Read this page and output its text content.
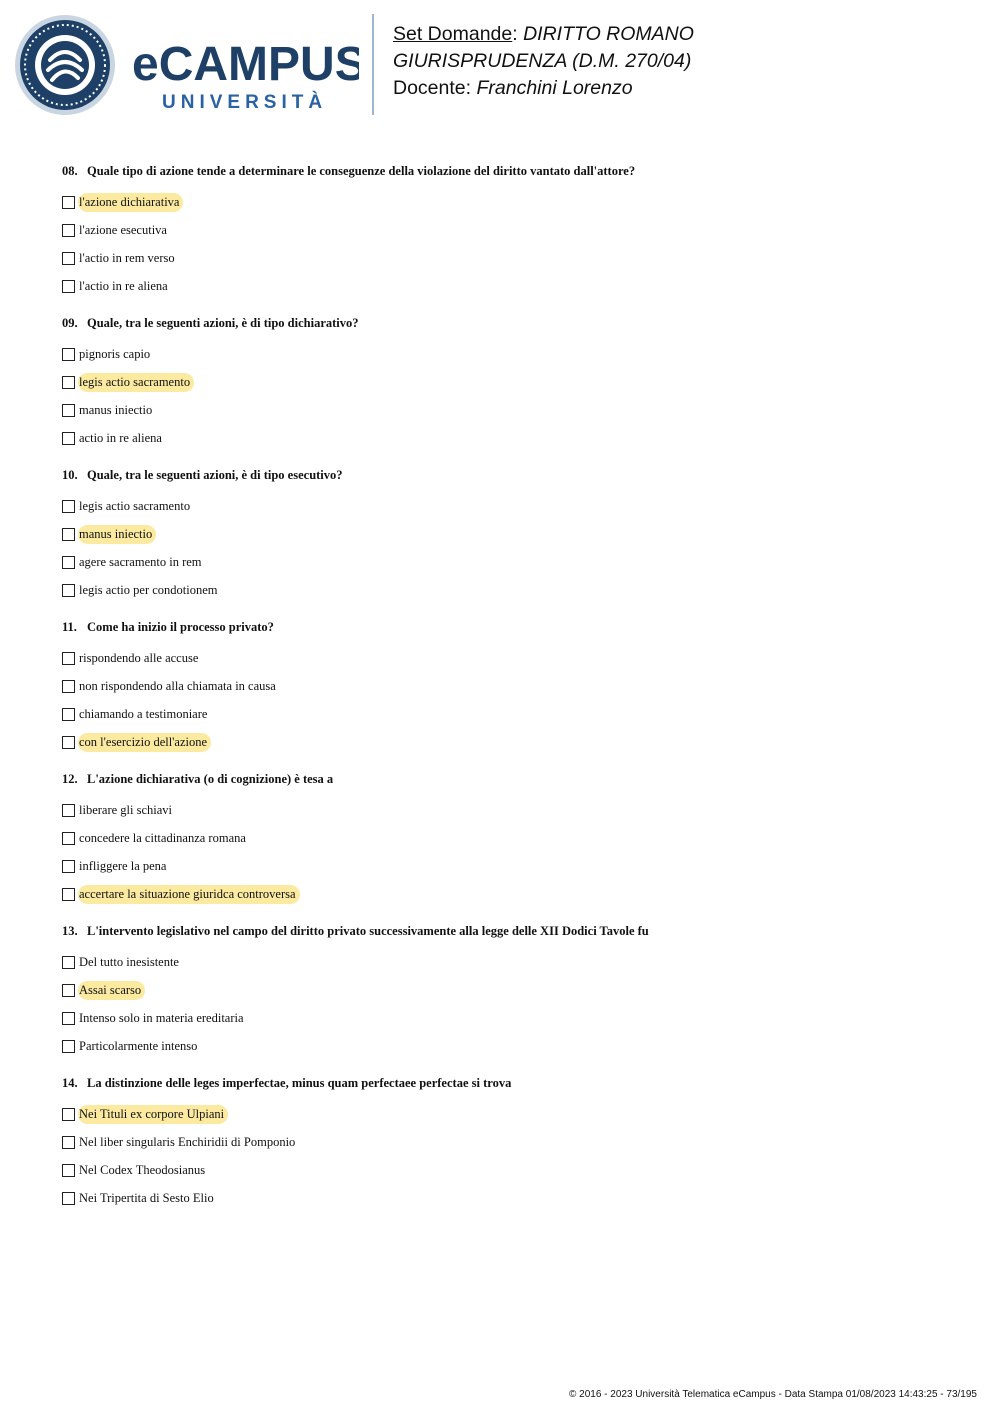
eCAMPUS
UNIVERSITÀ
Set Domande: DIRITTO ROMANO
GIURISPRUDENZA (D.M. 270/04)
Docente: Franchini Lorenzo
08. Quale tipo di azione tende a determinare le conseguenze della violazione del diritto vantato dall'attore?
l'azione dichiarativa
l'azione esecutiva
l'actio in rem verso
l'actio in re aliena
09. Quale, tra le seguenti azioni, è di tipo dichiarativo?
pignoris capio
legis actio sacramento
manus iniectio
actio in re aliena
10. Quale, tra le seguenti azioni, è di tipo esecutivo?
legis actio sacramento
manus iniectio
agere sacramento in rem
legis actio per condotionem
11. Come ha inizio il processo privato?
rispondendo alle accuse
non rispondendo alla chiamata in causa
chiamando a testimoniare
con l'esercizio dell'azione
12. L'azione dichiarativa (o di cognizione) è tesa a
liberare gli schiavi
concedere la cittadinanza romana
infliggere la pena
accertare la situazione giuridca controversa
13. L'intervento legislativo nel campo del diritto privato successivamente alla legge delle XII Dodici Tavole fu
Del tutto inesistente
Assai scarso
Intenso solo in materia ereditaria
Particolarmente intenso
14. La distinzione delle leges imperfectae, minus quam perfectaee perfectae si trova
Nei Tituli ex corpore Ulpiani
Nel liber singularis Enchiridii di Pomponio
Nel Codex Theodosianus
Nei Tripertita di Sesto Elio
© 2016 - 2023 Università Telematica eCampus - Data Stampa 01/08/2023 14:43:25 - 73/195
